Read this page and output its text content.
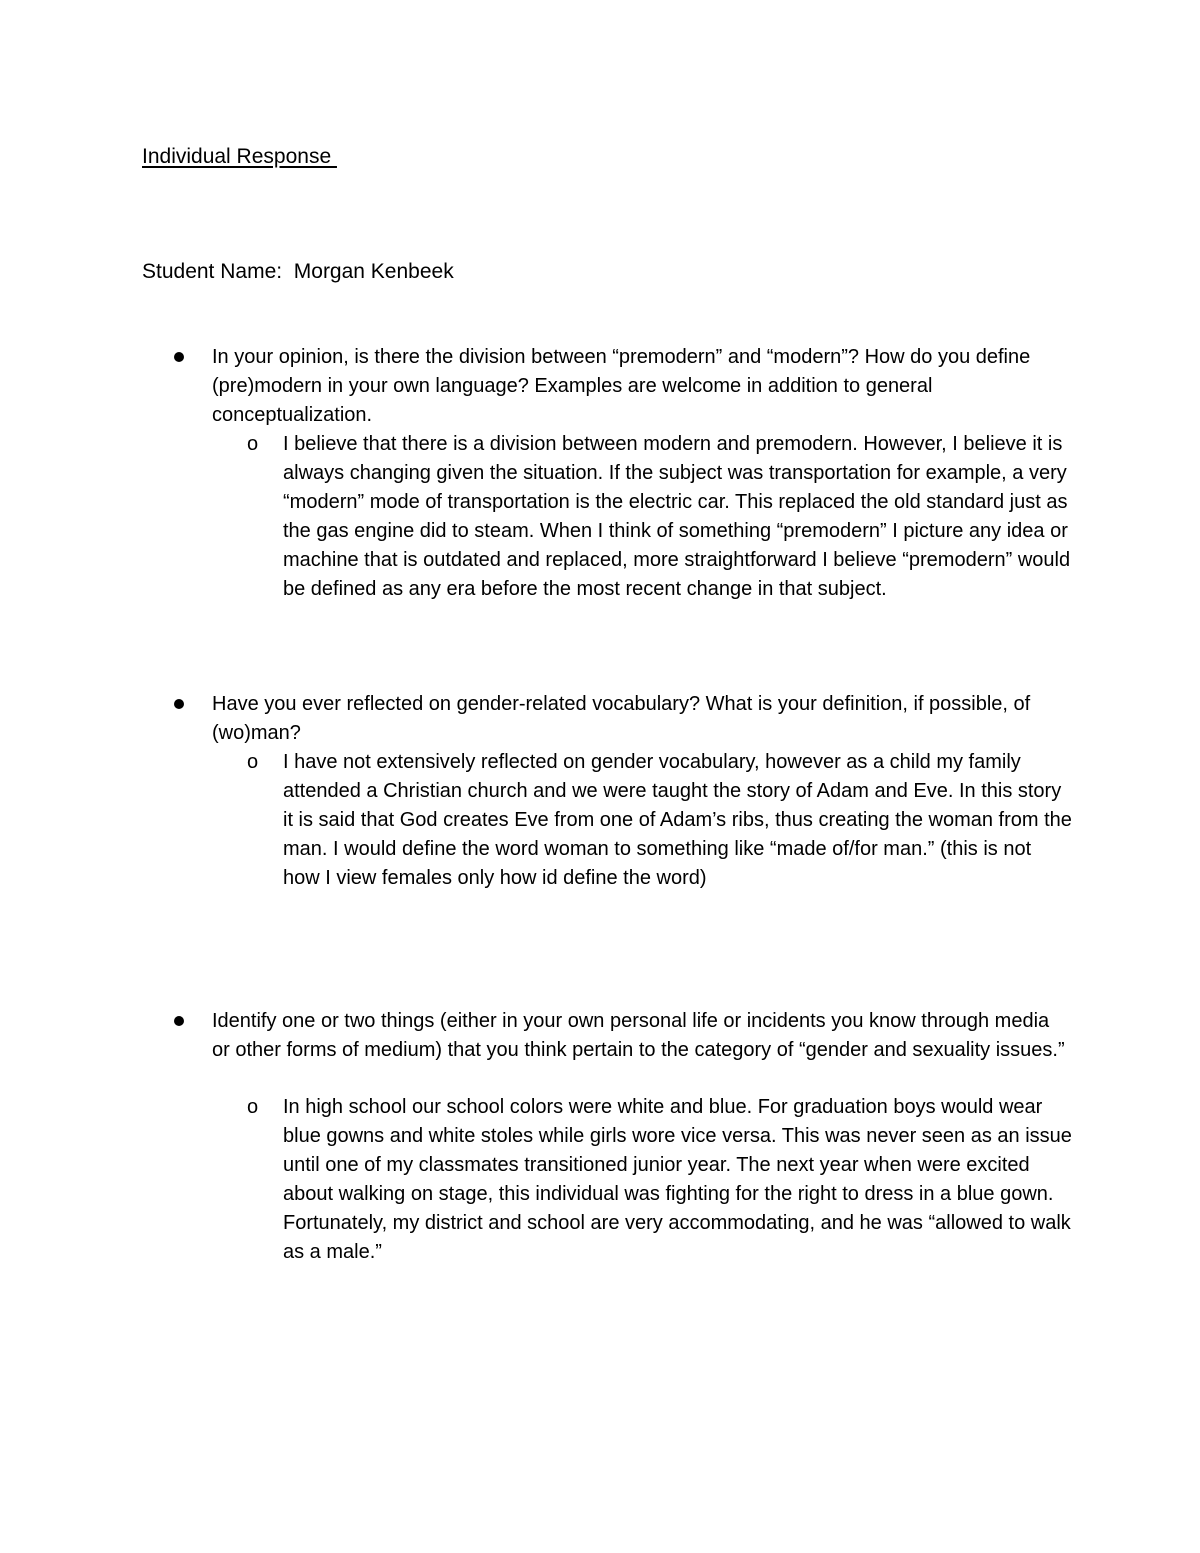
Individual Response
Student Name: Morgan Kenbeek
In your opinion, is there the division between “premodern” and “modern”? How do you define (pre)modern in your own language? Examples are welcome in addition to general conceptualization.
o I believe that there is a division between modern and premodern. However, I believe it is always changing given the situation. If the subject was transportation for example, a very “modern” mode of transportation is the electric car. This replaced the old standard just as the gas engine did to steam. When I think of something “premodern” I picture any idea or machine that is outdated and replaced, more straightforward I believe “premodern” would be defined as any era before the most recent change in that subject.
Have you ever reflected on gender-related vocabulary? What is your definition, if possible, of (wo)man?
o I have not extensively reflected on gender vocabulary, however as a child my family attended a Christian church and we were taught the story of Adam and Eve. In this story it is said that God creates Eve from one of Adam’s ribs, thus creating the woman from the man. I would define the word woman to something like “made of/for man.” (this is not how I view females only how id define the word)
Identify one or two things (either in your own personal life or incidents you know through media or other forms of medium) that you think pertain to the category of “gender and sexuality issues.”
o In high school our school colors were white and blue. For graduation boys would wear blue gowns and white stoles while girls wore vice versa. This was never seen as an issue until one of my classmates transitioned junior year. The next year when were excited about walking on stage, this individual was fighting for the right to dress in a blue gown. Fortunately, my district and school are very accommodating, and he was “allowed to walk as a male.”
